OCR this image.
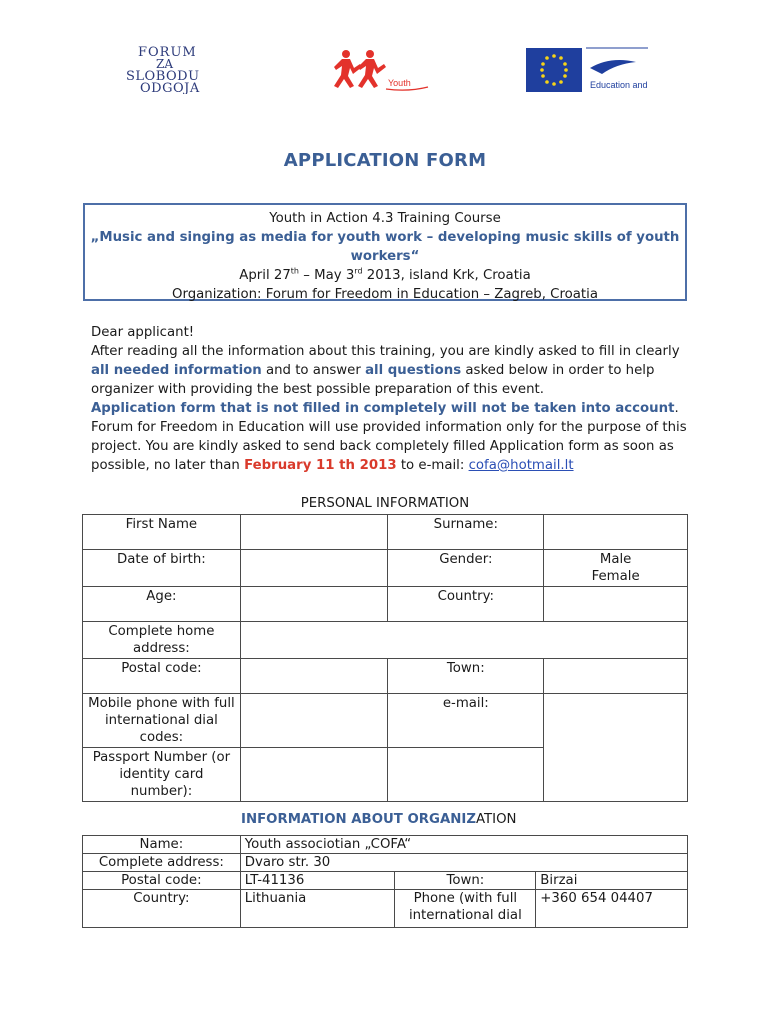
FORUM
ZA
SLOBODU
ODGOJA	Youth	Education and
APPLICATION FORM
Youth in Action 4.3 Training Course
„Music and singing as media for youth work – developing music skills of youth workers“
April 27th – May 3rd 2013, island Krk, Croatia
Organization: Forum for Freedom in Education – Zagreb, Croatia

Dear applicant!

After reading all the information about this training, you are kindly asked to fill in clearly all needed information and to answer all questions asked below in order to help organizer with providing the best possible preparation of this event.

Application form that is not filled in completely will not be taken into account.

Forum for Freedom in Education will use provided information only for the purpose of this project. You are kindly asked to send back completely filled Application form as soon as possible, no later than February 11 th 2013 to e-mail: cofa@hotmail.lt

PERSONAL INFORMATION
First Name		Surname:	
Date of birth:		Gender:	Male
Female

Age:		Country:	
Complete home address:			
Postal code:		Town:	
Mobile phone with full international dial codes:		e-mail:	
Passport Number (or identity card number):			
INFORMATION ABOUT ORGANIZATION
Name:	Youth associotian „COFA“		
Complete address:	Dvaro str. 30		
Postal code:	LT-41136	Town:	Birzai
Country:	Lithuania	Phone (with full international dial	+360 654 04407
